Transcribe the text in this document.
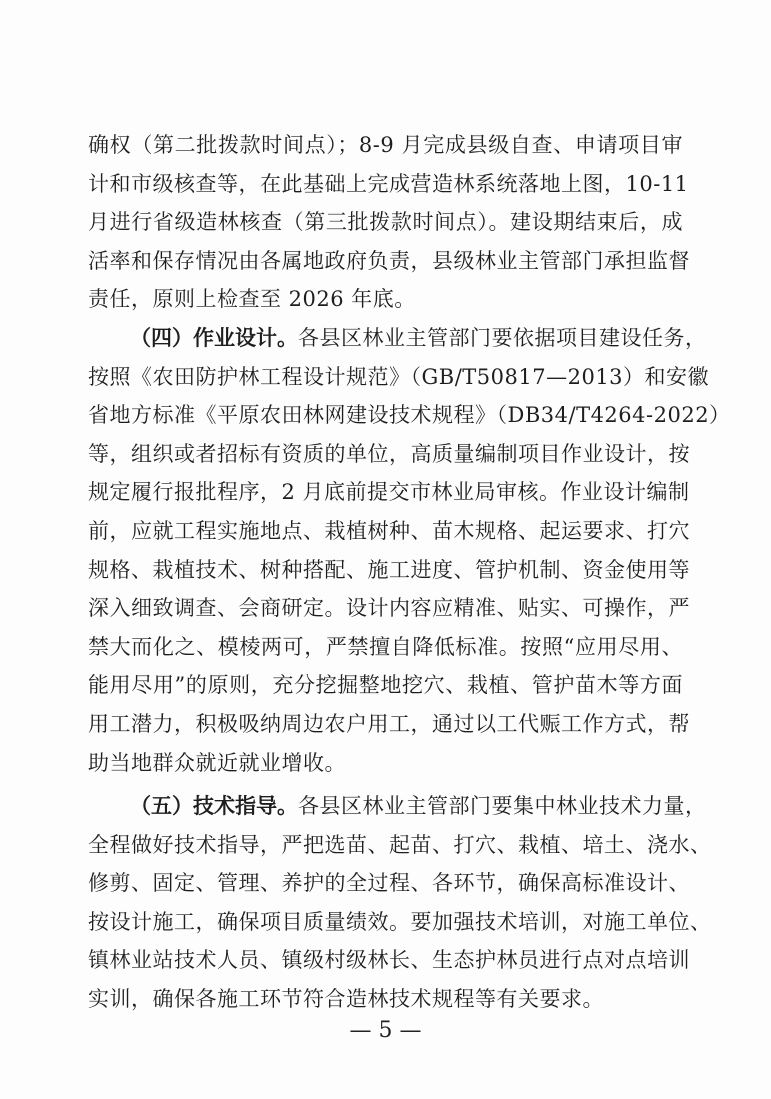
确权（第二批拨款时间点）；8-9 月完成县级自查、申请项目审
计和市级核查等，在此基础上完成营造林系统落地上图，10-11
月进行省级造林核查（第三批拨款时间点）。建设期结束后，成
活率和保存情况由各属地政府负责，县级林业主管部门承担监督
责任，原则上检查至 2026 年底。
（四）作业设计。各县区林业主管部门要依据项目建设任务，
按照《农田防护林工程设计规范》（GB/T50817—2013）和安徽
省地方标准《平原农田林网建设技术规程》（DB34/T4264-2022）
等，组织或者招标有资质的单位，高质量编制项目作业设计，按
规定履行报批程序，2 月底前提交市林业局审核。作业设计编制
前，应就工程实施地点、栽植树种、苗木规格、起运要求、打穴
规格、栽植技术、树种搭配、施工进度、管护机制、资金使用等
深入细致调查、会商研定。设计内容应精准、贴实、可操作，严
禁大而化之、模棱两可，严禁擅自降低标准。按照“应用尽用、
能用尽用”的原则，充分挖掘整地挖穴、栽植、管护苗木等方面
用工潜力，积极吸纳周边农户用工，通过以工代赈工作方式，帮
助当地群众就近就业增收。
（五）技术指导。各县区林业主管部门要集中林业技术力量，
全程做好技术指导，严把选苗、起苗、打穴、栽植、培土、浇水、
修剪、固定、管理、养护的全过程、各环节，确保高标准设计、
按设计施工，确保项目质量绩效。要加强技术培训，对施工单位、
镇林业站技术人员、镇级村级林长、生态护林员进行点对点培训
实训，确保各施工环节符合造林技术规程等有关要求。
— 5 —
